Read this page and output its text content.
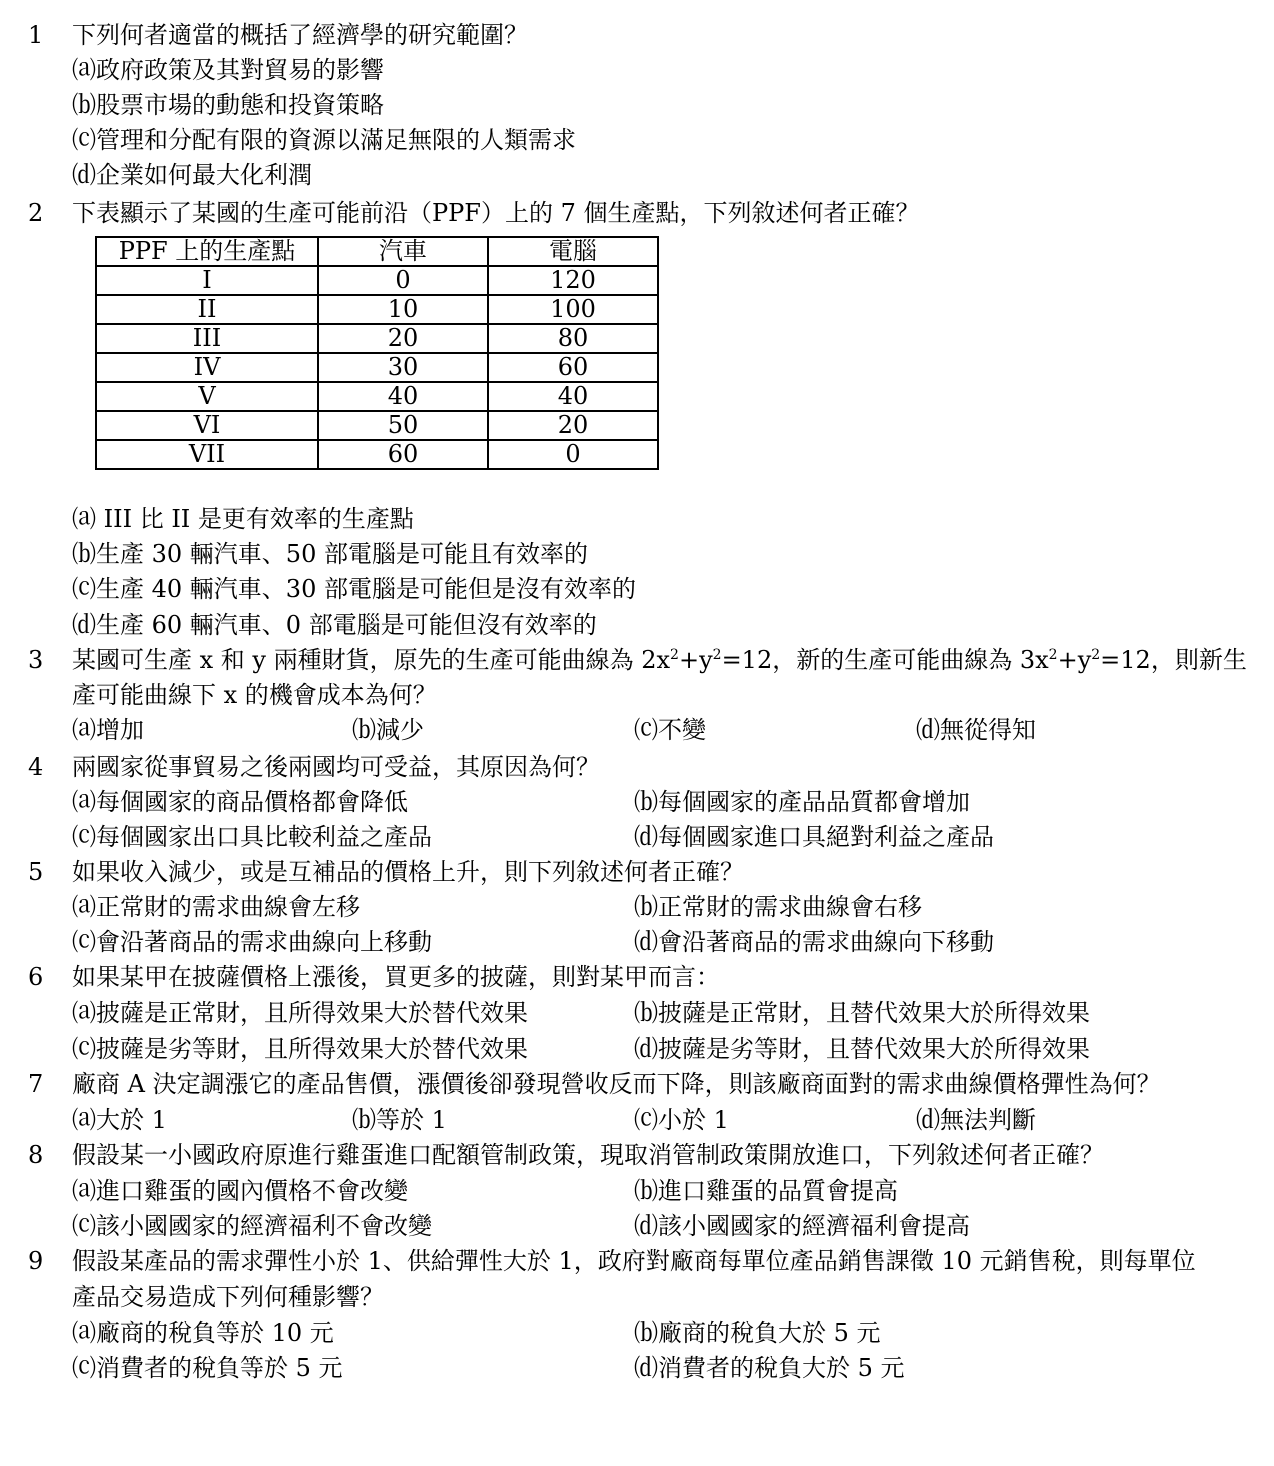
1 下列何者適當的概括了經濟學的研究範圍？
⒜政府政策及其對貿易的影響
⒝股票市場的動態和投資策略
⒞管理和分配有限的資源以滿足無限的人類需求
⒟企業如何最大化利潤
2 下表顯示了某國的生產可能前沿（PPF）上的 7 個生產點，下列敘述何者正確？
PPF 上的生產點	汽車	電腦
I	0	120
II	10	100
III	20	80
IV	30	60
V	40	40
VI	50	20
VII	60	0
⒜ III 比 II 是更有效率的生產點
⒝生產 30 輛汽車、50 部電腦是可能且有效率的
⒞生產 40 輛汽車、30 部電腦是可能但是沒有效率的
⒟生產 60 輛汽車、0 部電腦是可能但沒有效率的
3 某國可生產 x 和 y 兩種財貨，原先的生產可能曲線為 $2x^2+y^2=12$，新的生產可能曲線為 $3x^2+y^2=12$，則新生
產可能曲線下 x 的機會成本為何？
⒜增加	⒝減少	⒞不變	⒟無從得知
4 兩國家從事貿易之後兩國均可受益，其原因為何？
⒜每個國家的商品價格都會降低	⒝每個國家的產品品質都會增加
⒞每個國家出口具比較利益之產品	⒟每個國家進口具絕對利益之產品
5 如果收入減少，或是互補品的價格上升，則下列敘述何者正確？
⒜正常財的需求曲線會左移	⒝正常財的需求曲線會右移
⒞會沿著商品的需求曲線向上移動	⒟會沿著商品的需求曲線向下移動
6 如果某甲在披薩價格上漲後，買更多的披薩，則對某甲而言：
⒜披薩是正常財，且所得效果大於替代效果	⒝披薩是正常財，且替代效果大於所得效果
⒞披薩是劣等財，且所得效果大於替代效果	⒟披薩是劣等財，且替代效果大於所得效果
7 廠商 A 決定調漲它的產品售價，漲價後卻發現營收反而下降，則該廠商面對的需求曲線價格彈性為何？
⒜大於 1	⒝等於 1	⒞小於 1	⒟無法判斷
8 假設某一小國政府原進行雞蛋進口配額管制政策，現取消管制政策開放進口，下列敘述何者正確？
⒜進口雞蛋的國內價格不會改變	⒝進口雞蛋的品質會提高
⒞該小國國家的經濟福利不會改變	⒟該小國國家的經濟福利會提高
9 假設某產品的需求彈性小於 1、供給彈性大於 1，政府對廠商每單位產品銷售課徵 10 元銷售稅，則每單位
產品交易造成下列何種影響？
⒜廠商的稅負等於 10 元	⒝廠商的稅負大於 5 元
⒞消費者的稅負等於 5 元	⒟消費者的稅負大於 5 元
